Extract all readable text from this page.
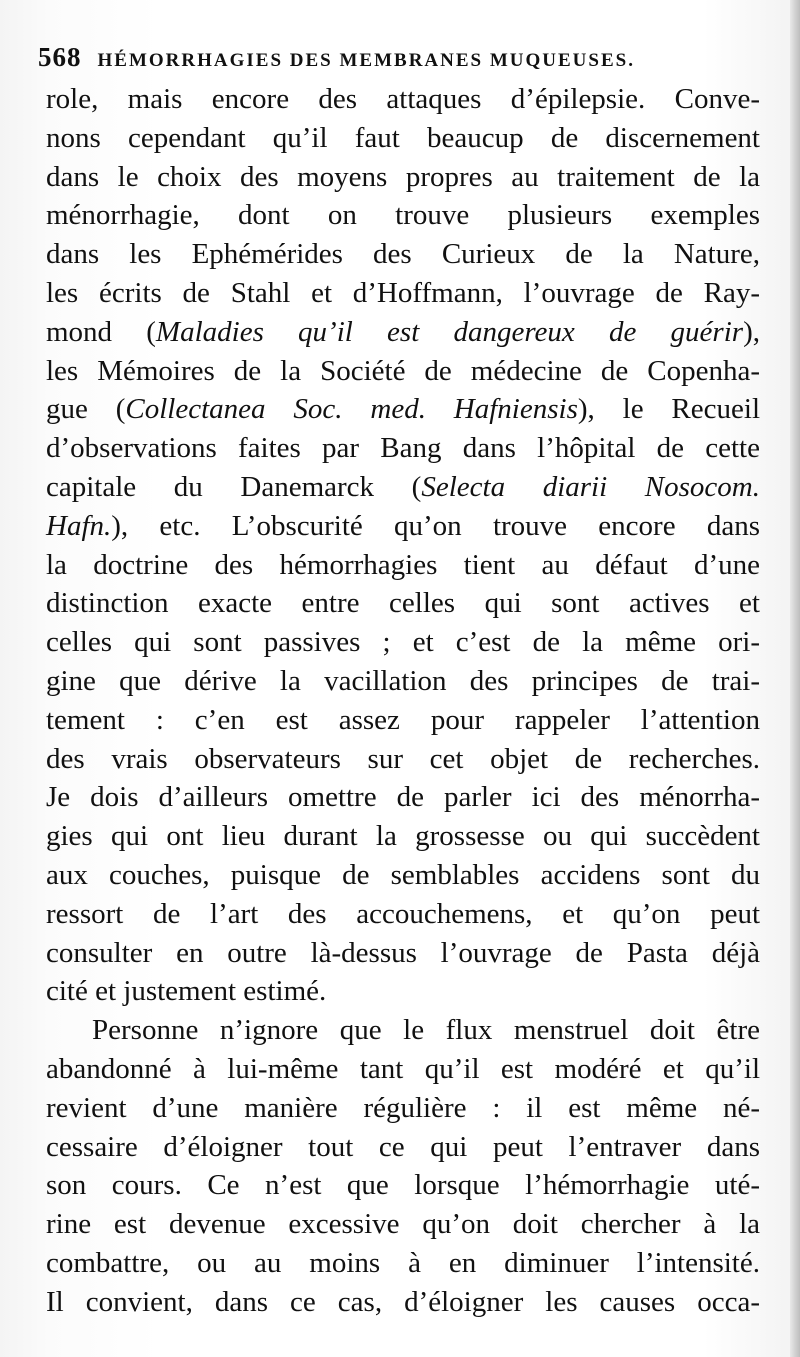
568 HÉMORRHAGIES DES MEMBRANES MUQUEUSES.
role, mais encore des attaques d’épilepsie. Conve-
nons cependant qu’il faut beaucup de discernement
dans le choix des moyens propres au traitement de la
ménorrhagie, dont on trouve plusieurs exemples
dans les Ephémérides des Curieux de la Nature,
les écrits de Stahl et d’Hoffmann, l’ouvrage de Ray-
mond (Maladies qu’il est dangereux de guérir),
les Mémoires de la Société de médecine de Copenha-
gue (Collectanea Soc. med. Hafniensis), le Recueil
d’observations faites par Bang dans l’hôpital de cette
capitale du Danemarck (Selecta diarii Nosocom.
Hafn.), etc. L’obscurité qu’on trouve encore dans
la doctrine des hémorrhagies tient au défaut d’une
distinction exacte entre celles qui sont actives et
celles qui sont passives ; et c’est de la même ori-
gine que dérive la vacillation des principes de trai-
tement : c’en est assez pour rappeler l’attention
des vrais observateurs sur cet objet de recherches.
Je dois d’ailleurs omettre de parler ici des ménorrha-
gies qui ont lieu durant la grossesse ou qui succèdent
aux couches, puisque de semblables accidens sont du
ressort de l’art des accouchemens, et qu’on peut
consulter en outre là-dessus l’ouvrage de Pasta déjà
cité et justement estimé.
Personne n’ignore que le flux menstruel doit être
abandonné à lui-même tant qu’il est modéré et qu’il
revient d’une manière régulière : il est même né-
cessaire d’éloigner tout ce qui peut l’entraver dans
son cours. Ce n’est que lorsque l’hémorrhagie uté-
rine est devenue excessive qu’on doit chercher à la
combattre, ou au moins à en diminuer l’intensité.
Il convient, dans ce cas, d’éloigner les causes occa-
